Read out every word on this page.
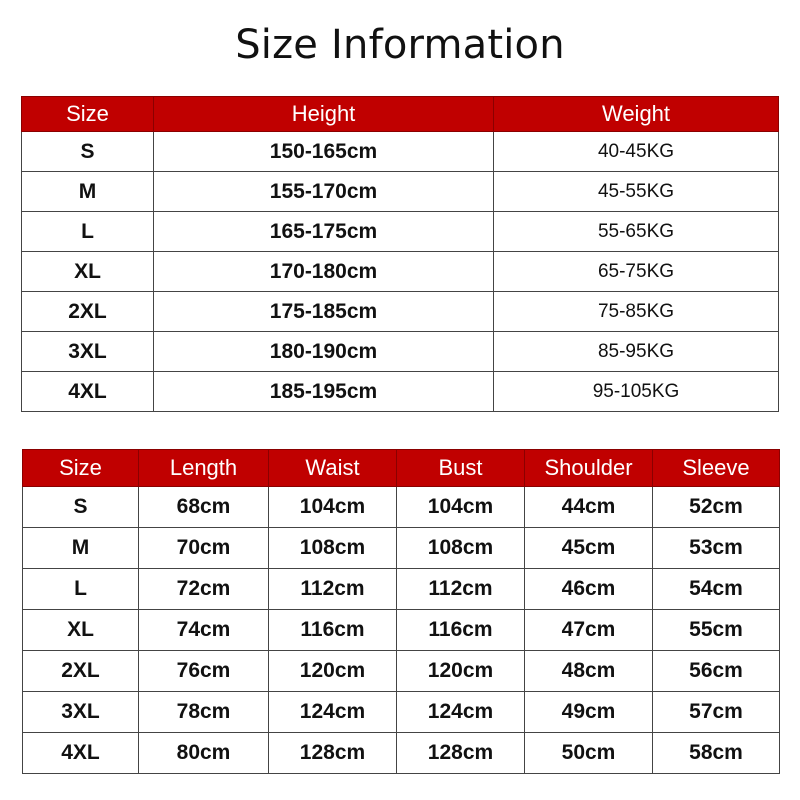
Size Information
Size	Height	Weight
S	150-165cm	40-45KG
M	155-170cm	45-55KG
L	165-175cm	55-65KG
XL	170-180cm	65-75KG
2XL	175-185cm	75-85KG
3XL	180-190cm	85-95KG
4XL	185-195cm	95-105KG
Size	Length	Waist	Bust	Shoulder	Sleeve
S	68cm	104cm	104cm	44cm	52cm
M	70cm	108cm	108cm	45cm	53cm
L	72cm	112cm	112cm	46cm	54cm
XL	74cm	116cm	116cm	47cm	55cm
2XL	76cm	120cm	120cm	48cm	56cm
3XL	78cm	124cm	124cm	49cm	57cm
4XL	80cm	128cm	128cm	50cm	58cm
